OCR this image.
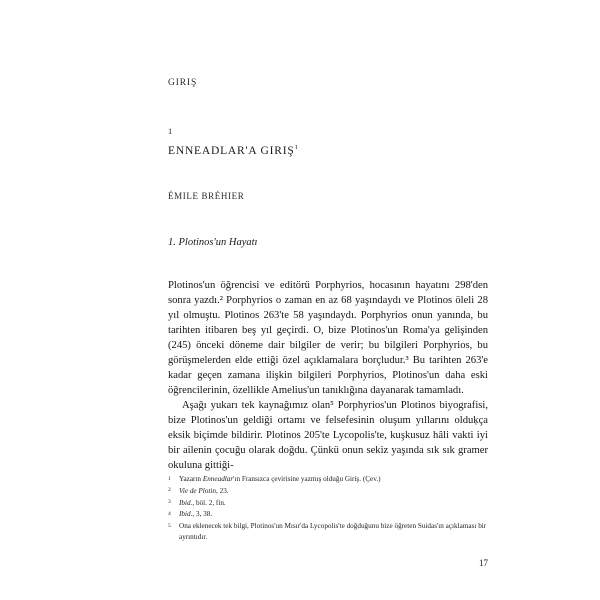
GIRIŞ
1
ENNEADLAR'A GIRIŞ$^1$
ÉMILE BRÉHIER
1. Plotinos'un Hayatı

Plotinos'un öğrencisi ve editörü Porphyrios, hocasının hayatını 298'den sonra yazdı.² Porphyrios o zaman en az 68 yaşındaydı ve Plotinos öleli 28 yıl olmuştu. Plotinos 263'te 58 yaşındaydı. Porphyrios onun yanında, bu tarihten itibaren beş yıl geçirdi. O, bize Plotinos'un Roma'ya gelişinden (245) önceki döneme dair bilgiler de verir; bu bilgileri Porphyrios, bu görüşmelerden elde ettiği özel açıklamalara borçludur.³ Bu tarihten 263'e kadar geçen zamana ilişkin bilgileri Porphyrios, Plotinos'un daha eski öğrencilerinin, özellikle Amelius'un tanıklığına dayanarak tamamladı.

Aşağı yukarı tek kaynağımız olan⁵ Porphyrios'un Plotinos biyografisi, bize Plotinos'un geldiği ortamı ve felsefesinin oluşum yıllarını olduķça eksik biçimde bildirir. Plotinos 205'te Lycopolis'te, kuşkusuz hâli vakti iyi bir ailenin çocuğu olarak doğdu. Çünkü onun sekiz yaşında sık sık gramer okuluna gittiği-

1	Yazarın Enneadlar'ın Fransızca çevirisine yazmış olduğu Giriş. (Çev.)
2	Vie de Plotin, 23.
3	Ibid., böl. 2, fin.
4	Ibid., 3, 38.
5	Ona eklenecek tek bilgi, Plotinos'un Mısır'da Lycopolis'te doğduğunu bize öğreten Suidas'ın açıklaması bir ayrıntıdır.
17
